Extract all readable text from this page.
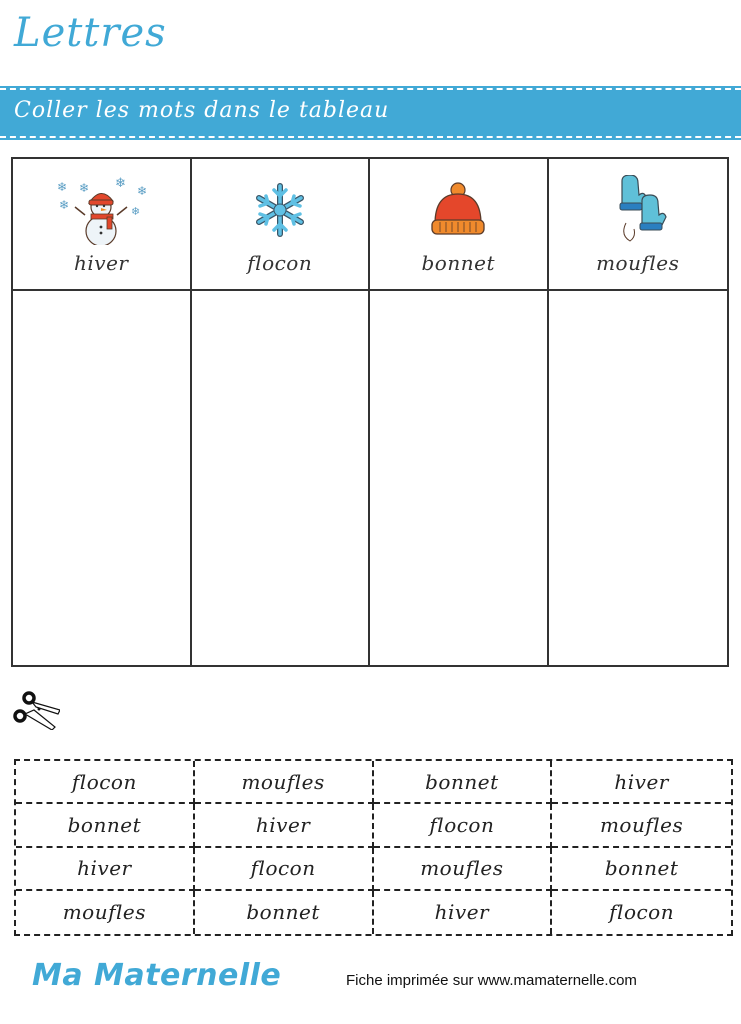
Lettres
Coller les mots dans le tableau
❄ ❄ ❄ ❄
❄	❄
hiver	flocon	bonnet	moufles
flocon	moufles	bonnet	hiver
bonnet	hiver	flocon	moufles
hiver	flocon	moufles	bonnet
moufles	bonnet	hiver	flocon
Ma Maternelle	Fiche imprimée sur www.mamaternelle.com
